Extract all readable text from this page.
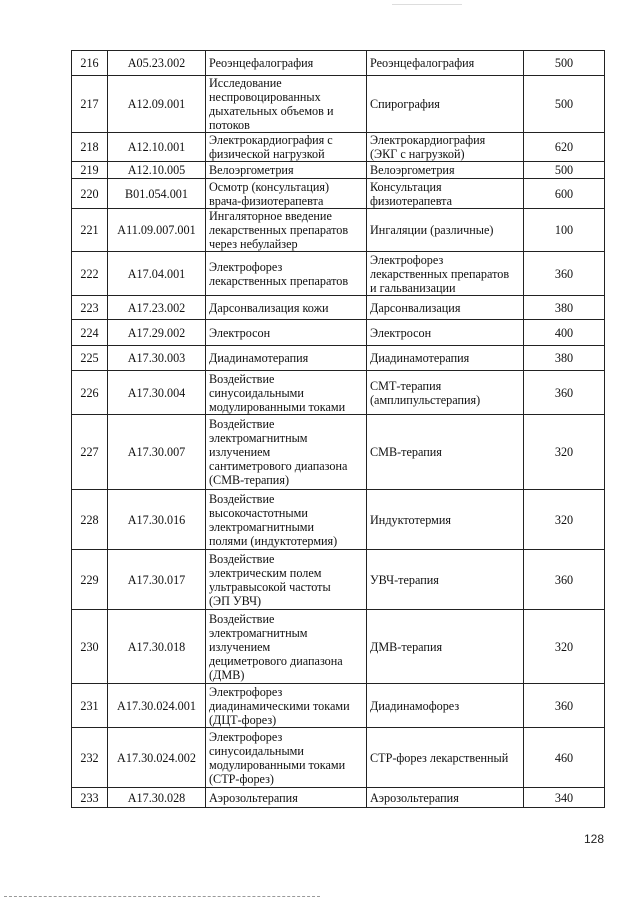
216	A05.23.002	Реоэнцефалография	Реоэнцефалография	500
217	A12.09.001	Исследование
неспровоцированных
дыхательных объемов и
потоков	Спирография	500
218	A12.10.001	Электрокардиография с
физической нагрузкой	Электрокардиография
(ЭКГ с нагрузкой)	620
219	A12.10.005	Велоэргометрия	Велоэргометрия	500
220	B01.054.001	Осмотр (консультация)
врача-физиотерапевта	Консультация
физиотерапевта	600
221	A11.09.007.001	Ингаляторное введение
лекарственных препаратов
через небулайзер	Ингаляции (различные)	100
222	A17.04.001	Электрофорез
лекарственных препаратов	Электрофорез
лекарственных препаратов
и гальванизации	360
223	A17.23.002	Дарсонвализация кожи	Дарсонвализация	380
224	A17.29.002	Электросон	Электросон	400
225	A17.30.003	Диадинамотерапия	Диадинамотерапия	380
226	A17.30.004	Воздействие
синусоидальными
модулированными токами	СМТ-терапия
(амплипульстерапия)	360
227	A17.30.007	Воздействие
электромагнитным
излучением
сантиметрового диапазона
(СМВ-терапия)	СМВ-терапия	320
228	A17.30.016	Воздействие
высокочастотными
электромагнитными
полями (индуктотермия)	Индуктотермия	320
229	A17.30.017	Воздействие
электрическим полем
ультравысокой частоты
(ЭП УВЧ)	УВЧ-терапия	360
230	A17.30.018	Воздействие
электромагнитным
излучением
дециметрового диапазона
(ДМВ)	ДМВ-терапия	320
231	A17.30.024.001	Электрофорез
диадинамическими токами
(ДЦТ-форез)	Диадинамофорез	360
232	A17.30.024.002	Электрофорез
синусоидальными
модулированными токами
(СТР-форез)	СТР-форез лекарственный	460
233	A17.30.028	Аэрозольтерапия	Аэрозольтерапия	340
128
